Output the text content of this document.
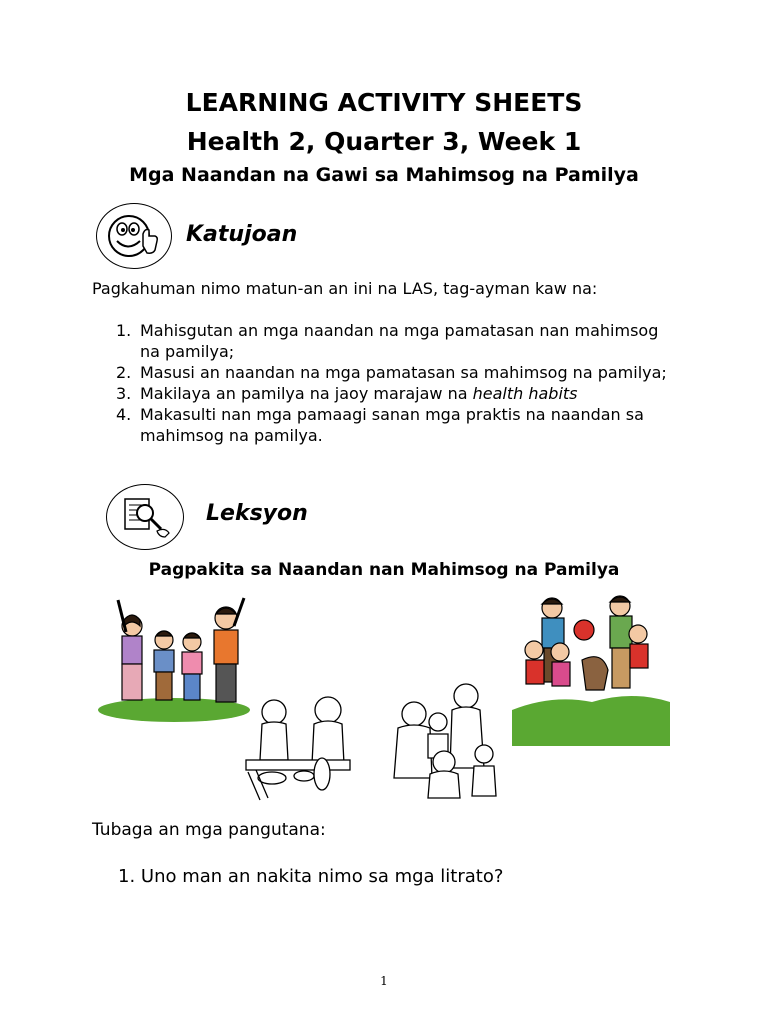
LEARNING ACTIVITY SHEETS
Health 2, Quarter 3, Week 1
Mga Naandan na Gawi sa Mahimsog na Pamilya
Katujoan
Pagkahuman nimo matun-an an ini na LAS, tag-ayman kaw na:
1. Mahisgutan an mga naandan na mga pamatasan nan mahimsog na pamilya;
2. Masusi an naandan na mga pamatasan sa mahimsog na pamilya;
3. Makilaya an pamilya na jaoy marajaw na health habits
4. Makasulti nan mga pamaagi sanan mga praktis na naandan sa mahimsog na pamilya.
Leksyon
Pagpakita sa Naandan nan Mahimsog na Pamilya
Tubaga an mga pangutana:
1. Uno man an nakita nimo sa mga litrato?
1
